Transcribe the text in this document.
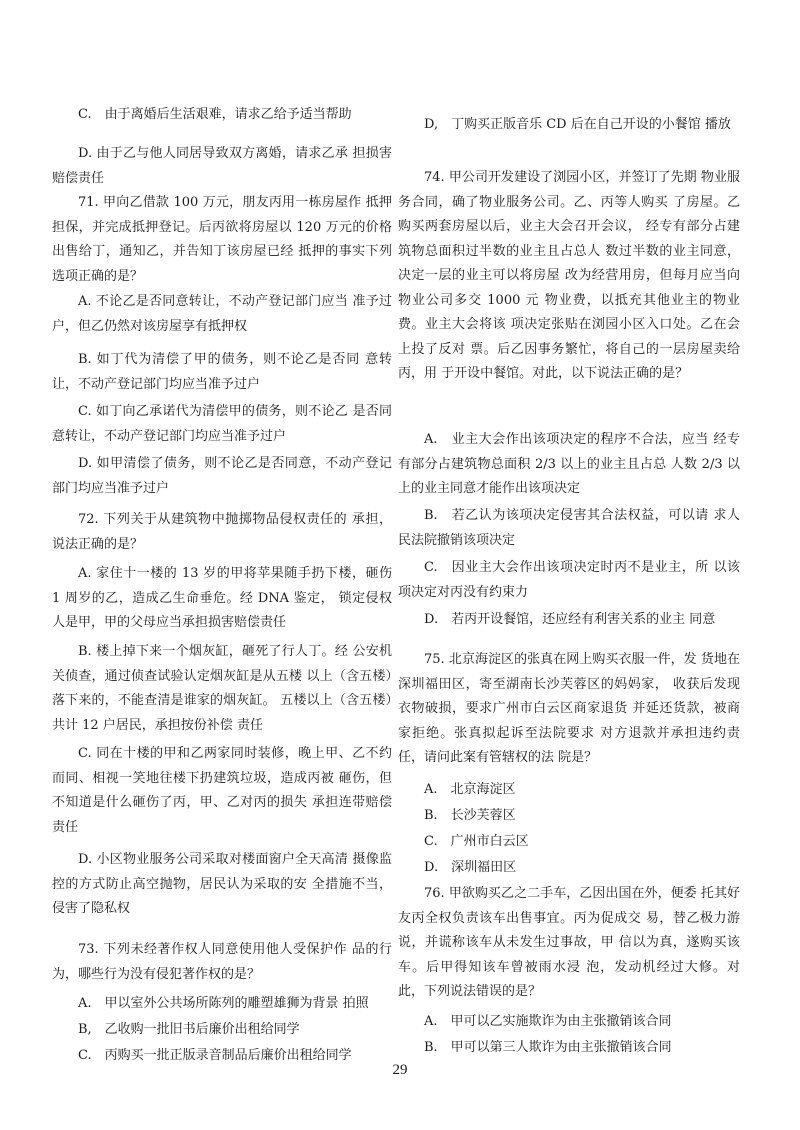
C.　由于离婚后生活艰难，请求乙给予适当帮助
D. 由于乙与他人同居导致双方离婚，请求乙承 担损害赔偿责任
71. 甲向乙借款 100 万元，朋友丙用一栋房屋作 抵押担保，并完成抵押登记。后丙欲将房屋以 120 万元的价格出售给丁，通知乙，并告知丁该房屋已经 抵押的事实下列选项正确的是？
A. 不论乙是否同意转让，不动产登记部门应当 准予过户，但乙仍然对该房屋享有抵押权
B. 如丁代为清偿了甲的债务，则不论乙是否同 意转让，不动产登记部门均应当准予过户
C. 如丁向乙承诺代为清偿甲的债务，则不论乙 是否同意转让，不动产登记部门均应当准予过户
D. 如甲清偿了债务，则不论乙是否同意，不动产登记部门均应当准予过户
72. 下列关于从建筑物中抛掷物品侵权责任的 承担，说法正确的是？
A. 家住十一楼的 13 岁的甲将苹果随手扔下楼，砸伤 1 周岁的乙，造成乙生命垂危。经 DNA 鉴定， 锁定侵权人是甲，甲的父母应当承担损害赔偿责任
B. 楼上掉下来一个烟灰缸，砸死了行人丁。经 公安机关侦查，通过侦查试验认定烟灰缸是从五楼 以上（含五楼）落下来的，不能查清是谁家的烟灰缸。 五楼以上（含五楼）共计 12 户居民，承担按份补偿 责任
C. 同在十楼的甲和乙两家同时装修，晚上甲、乙不约而同、相视一笑地往楼下扔建筑垃圾，造成丙被 砸伤，但不知道是什么砸伤了丙，甲、乙对丙的损失 承担连带赔偿责任
D. 小区物业服务公司采取对楼面窗户全天高清 摄像监控的方式防止高空抛物，居民认为采取的安 全措施不当，侵害了隐私权
73. 下列未经著作权人同意使用他人受保护作 品的行为，哪些行为没有侵犯著作权的是？
A.　甲以室外公共场所陈列的雕塑雄狮为背景 拍照
B,　乙收购一批旧书后廉价出租给同学
C.　丙购买一批正版录音制品后廉价出租给同学
D,　丁购买正版音乐 CD 后在自己开设的小餐馆 播放
74. 甲公司开发建设了浏园小区，并签订了先期 物业服务合同，确了物业服务公司。乙、丙等人购买 了房屋。乙购买两套房屋以后，业主大会召开会议， 经专有部分占建筑物总面积过半数的业主且占总人 数过半数的业主同意，决定一层的业主可以将房屋 改为经营用房，但每月应当向物业公司多交 1000 元 物业费，以抵充其他业主的物业费。业主大会将该 项决定张贴在浏园小区入口处。乙在会上投了反对 票。后乙因事务繁忙，将自己的一层房屋卖给丙，用 于开设中餐馆。对此，以下说法正确的是？
A.　业主大会作出该项决定的程序不合法，应当 经专有部分占建筑物总面积 2/3 以上的业主且占总 人数 2/3 以上的业主同意才能作出该项决定
B.　若乙认为该项决定侵害其合法权益，可以请 求人民法院撤销该项决定
C.　因业主大会作出该项决定时丙不是业主，所 以该项决定对丙没有约束力
D.　若丙开设餐馆，还应经有利害关系的业主 同意
75. 北京海淀区的张真在网上购买衣服一件，发 货地在深圳福田区，寄至湖南长沙芙蓉区的妈妈家， 收获后发现衣物破损，要求广州市白云区商家退货 并延还货款，被商家拒绝。张真拟起诉至法院要求 对方退款并承担违约责任，请问此案有管辖权的法 院是？
A.　北京海淀区
B.　长沙芙蓉区
C.　广州市白云区
D.　深圳福田区
76. 甲欲购买乙之二手车，乙因出国在外，便委 托其好友丙全权负责该车出售事宜。丙为促成交 易，替乙极力游说，并谎称该车从未发生过事故，甲 信以为真，遂购买该车。后甲得知该车曾被雨水浸 泡，发动机经过大修。对此，下列说法错误的是？
A.　甲可以乙实施欺诈为由主张撤销该合同
B.　甲可以第三人欺诈为由主张撤销该合同
29
